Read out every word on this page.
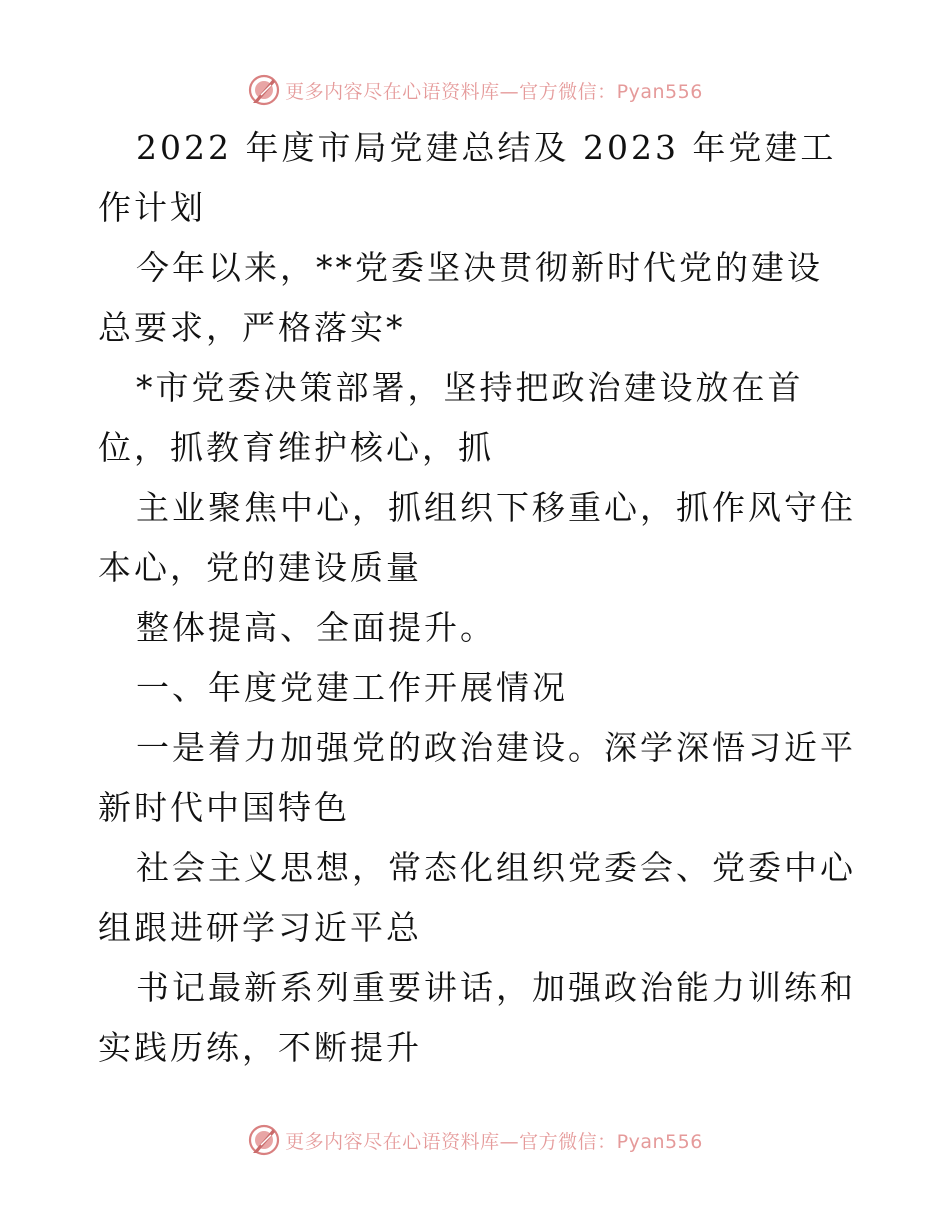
更多内容尽在心语资料库—官方微信：Pyan556

2022 年度市局党建总结及 2023 年党建工作计划

今年以来，**党委坚决贯彻新时代党的建设总要求，严格落实*

*市党委决策部署，坚持把政治建设放在首位，抓教育维护核心，抓

主业聚焦中心，抓组织下移重心，抓作风守住本心，党的建设质量

整体提高、全面提升。

一、年度党建工作开展情况

一是着力加强党的政治建设。深学深悟习近平新时代中国特色

社会主义思想，常态化组织党委会、党委中心组跟进研学习近平总

书记最新系列重要讲话，加强政治能力训练和实践历练，不断提升

更多内容尽在心语资料库—官方微信：Pyan556
